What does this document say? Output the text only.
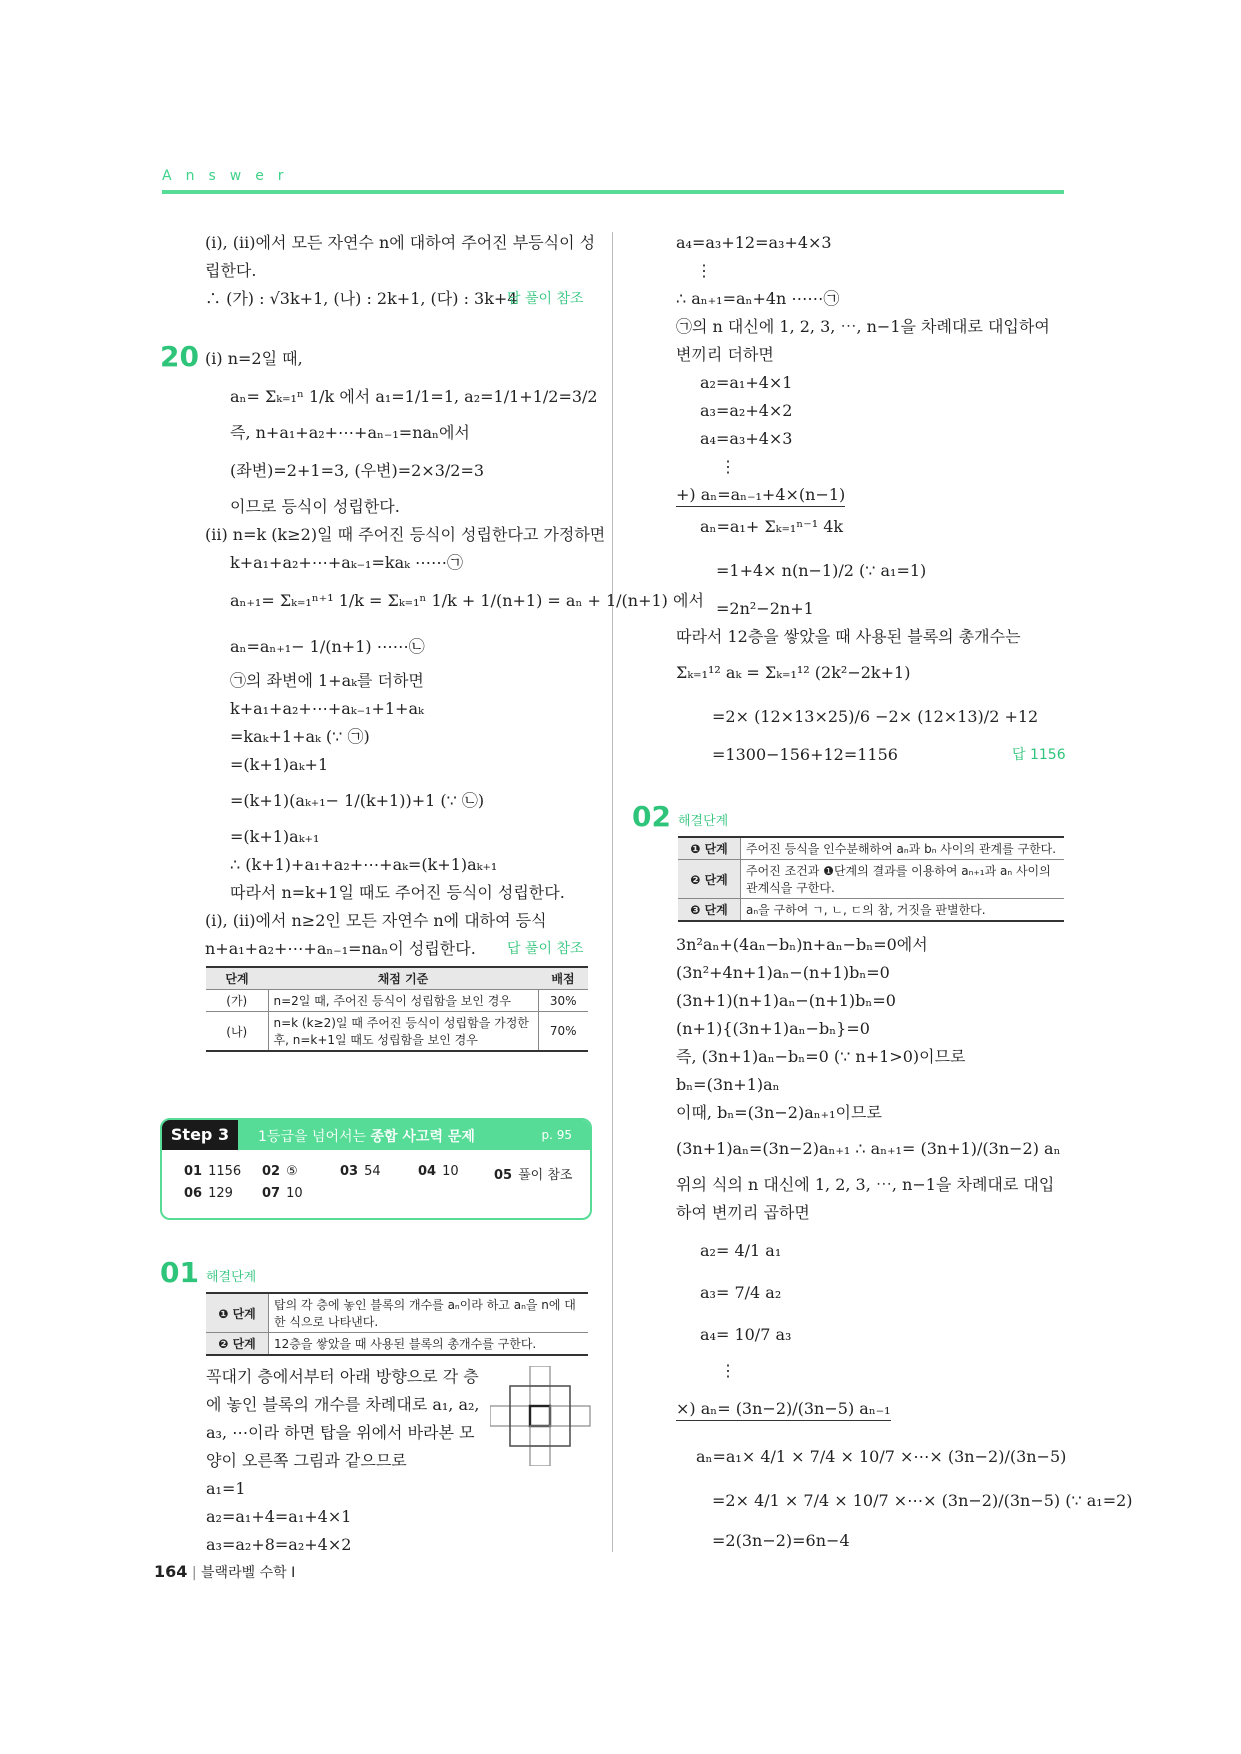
Answer
(ⅰ), (ⅱ)에서 모든 자연수 n에 대하여 주어진 부등식이 성
립한다.
∴ (가) : √3k+1, (나) : 2k+1, (다) : 3k+4
답 풀이 참조
20 (ⅰ) n=2일 때,
aₙ= Σₖ₌₁ⁿ 1/k 에서 a₁=1/1=1, a₂=1/1+1/2=3/2
즉, n+a₁+a₂+⋯+aₙ₋₁=naₙ에서
(좌변)=2+1=3, (우변)=2×3/2=3
이므로 등식이 성립한다.
(ⅱ) n=k (k≥2)일 때 주어진 등식이 성립한다고 가정하면
k+a₁+a₂+⋯+aₖ₋₁=kaₖ ⋯⋯㉠
aₙ₊₁= Σₖ₌₁ⁿ⁺¹ 1/k = Σₖ₌₁ⁿ 1/k + 1/(n+1) = aₙ + 1/(n+1) 에서
aₙ=aₙ₊₁− 1/(n+1) ⋯⋯㉡
㉠의 좌변에 1+aₖ를 더하면
k+a₁+a₂+⋯+aₖ₋₁+1+aₖ
=kaₖ+1+aₖ (∵ ㉠)
=(k+1)aₖ+1
=(k+1)(aₖ₊₁− 1/(k+1))+1 (∵ ㉡)
=(k+1)aₖ₊₁
∴ (k+1)+a₁+a₂+⋯+aₖ=(k+1)aₖ₊₁
따라서 n=k+1일 때도 주어진 등식이 성립한다.
(ⅰ), (ⅱ)에서 n≥2인 모든 자연수 n에 대하여 등식
n+a₁+a₂+⋯+aₙ₋₁=naₙ이 성립한다. 답 풀이 참조
단계	채점 기준	배점
(가)	n=2일 때, 주어진 등식이 성립함을 보인 경우	30%
(나)	n=k (k≥2)일 때 주어진 등식이 성립함을 가정한 후, n=k+1일 때도 성립함을 보인 경우	70%
Step 3	1등급을 넘어서는 종합 사고력 문제	p. 95
01 1156 02 ⑤	03 54	04 10	05 풀이 참조
06 129 07 10
01 해결단계
❶ 단계	탑의 각 층에 놓인 블록의 개수를 aₙ이라 하고 aₙ을 n에 대한 식으로 나타낸다.
❷ 단계	12층을 쌓았을 때 사용된 블록의 총개수를 구한다.
꼭대기 층에서부터 아래 방향으로 각 층
에 놓인 블록의 개수를 차례대로 a₁, a₂,
a₃, ⋯이라 하면 탑을 위에서 바라본 모
양이 오른쪽 그림과 같으므로
a₁=1
a₂=a₁+4=a₁+4×1
a₃=a₂+8=a₂+4×2
a₄=a₃+12=a₃+4×3
⋮
∴ aₙ₊₁=aₙ+4n ⋯⋯㉠
㉠의 n 대신에 1, 2, 3, ⋯, n−1을 차례대로 대입하여
변끼리 더하면
a₂=a₁+4×1
a₃=a₂+4×2
a₄=a₃+4×3
⋮
+) aₙ=aₙ₋₁+4×(n−1)
aₙ=a₁+ Σₖ₌₁ⁿ⁻¹ 4k
=1+4× n(n−1)/2 (∵ a₁=1)
=2n²−2n+1
따라서 12층을 쌓았을 때 사용된 블록의 총개수는
Σₖ₌₁¹² aₖ = Σₖ₌₁¹² (2k²−2k+1)
=2× (12×13×25)/6 −2× (12×13)/2 +12
=1300−156+12=1156	답 1156
02 해결단계
❶ 단계	주어진 등식을 인수분해하여 aₙ과 bₙ 사이의 관계를 구한다.
❷ 단계	주어진 조건과 ❶단계의 결과를 이용하여 aₙ₊₁과 aₙ 사이의 관계식을 구한다.
❸ 단계	aₙ을 구하여 ㄱ, ㄴ, ㄷ의 참, 거짓을 판별한다.
3n²aₙ+(4aₙ−bₙ)n+aₙ−bₙ=0에서
(3n²+4n+1)aₙ−(n+1)bₙ=0
(3n+1)(n+1)aₙ−(n+1)bₙ=0
(n+1){(3n+1)aₙ−bₙ}=0
즉, (3n+1)aₙ−bₙ=0 (∵ n+1>0)이므로
bₙ=(3n+1)aₙ
이때, bₙ=(3n−2)aₙ₊₁이므로
(3n+1)aₙ=(3n−2)aₙ₊₁ ∴ aₙ₊₁= (3n+1)/(3n−2) aₙ
위의 식의 n 대신에 1, 2, 3, ⋯, n−1을 차례대로 대입
하여 변끼리 곱하면
a₂= 4/1 a₁
a₃= 7/4 a₂
a₄= 10/7 a₃
⋮
×) aₙ= (3n−2)/(3n−5) aₙ₋₁
aₙ=a₁× 4/1 × 7/4 × 10/7 ×⋯× (3n−2)/(3n−5)
=2× 4/1 × 7/4 × 10/7 ×⋯× (3n−2)/(3n−5) (∵ a₁=2)
=2(3n−2)=6n−4
164 | 블랙라벨 수학 Ⅰ
